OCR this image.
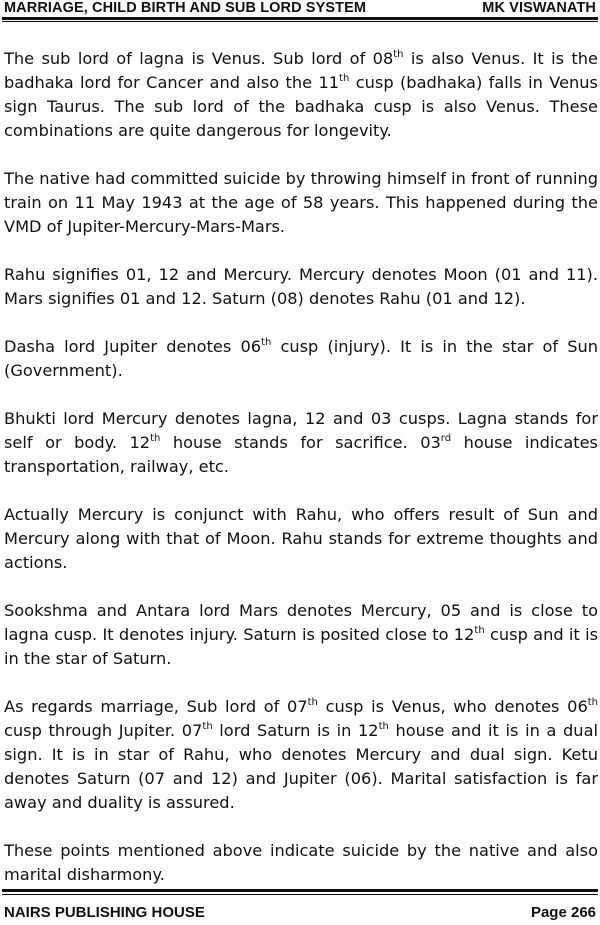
MARRIAGE, CHILD BIRTH AND SUB LORD SYSTEM	MK VISWANATH

The sub lord of lagna is Venus. Sub lord of 08th is also Venus. It is the badhaka lord for Cancer and also the 11th cusp (badhaka) falls in Venus sign Taurus. The sub lord of the badhaka cusp is also Venus. These combinations are quite dangerous for longevity.

The native had committed suicide by throwing himself in front of running train on 11 May 1943 at the age of 58 years. This happened during the VMD of Jupiter-Mercury-Mars-Mars.

Rahu signifies 01, 12 and Mercury. Mercury denotes Moon (01 and 11). Mars signifies 01 and 12. Saturn (08) denotes Rahu (01 and 12).

Dasha lord Jupiter denotes 06th cusp (injury). It is in the star of Sun (Government).

Bhukti lord Mercury denotes lagna, 12 and 03 cusps. Lagna stands for self or body. 12th house stands for sacrifice. 03rd house indicates transportation, railway, etc.

Actually Mercury is conjunct with Rahu, who offers result of Sun and Mercury along with that of Moon. Rahu stands for extreme thoughts and actions.

Sookshma and Antara lord Mars denotes Mercury, 05 and is close to lagna cusp. It denotes injury. Saturn is posited close to 12th cusp and it is in the star of Saturn.

As regards marriage, Sub lord of 07th cusp is Venus, who denotes 06th cusp through Jupiter. 07th lord Saturn is in 12th house and it is in a dual sign. It is in star of Rahu, who denotes Mercury and dual sign. Ketu denotes Saturn (07 and 12) and Jupiter (06). Marital satisfaction is far away and duality is assured.

These points mentioned above indicate suicide by the native and also marital disharmony.

NAIRS PUBLISHING HOUSE	Page 266
